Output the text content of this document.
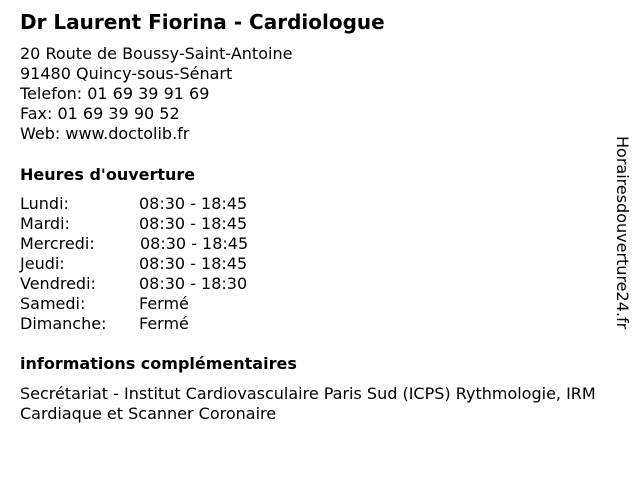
Dr Laurent Fiorina - Cardiologue
20 Route de Boussy-Saint-Antoine
91480 Quincy-sous-Sénart
Telefon: 01 69 39 91 69
Fax: 01 69 39 90 52
Web: www.doctolib.fr
Heures d'ouverture
Lundi:	08:30 - 18:45
Mardi:	08:30 - 18:45
Mercredi:	08:30 - 18:45
Jeudi:	08:30 - 18:45
Vendredi:	08:30 - 18:30
Samedi:	Fermé
Dimanche: Fermé
informations complémentaires
Secrétariat - Institut Cardiovasculaire Paris Sud (ICPS) Rythmologie, IRM Cardiaque et Scanner Coronaire
Horairesdouverture24.fr
